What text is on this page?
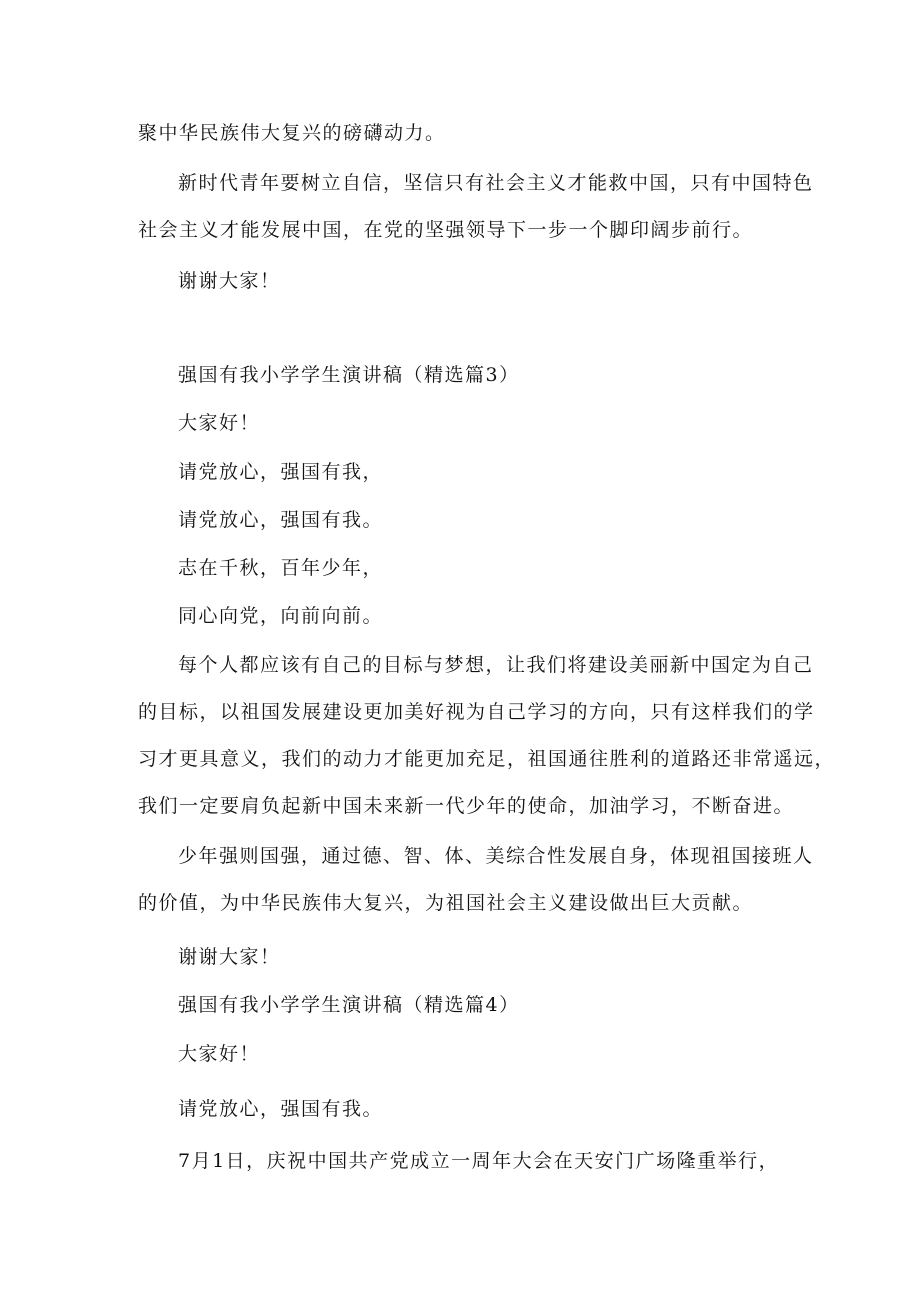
聚中华民族伟大复兴的磅礴动力。
新时代青年要树立自信，坚信只有社会主义才能救中国，只有中国特色
社会主义才能发展中国，在党的坚强领导下一步一个脚印阔步前行。
谢谢大家！
强国有我小学学生演讲稿（精选篇3）
大家好！
请党放心，强国有我，
请党放心，强国有我。
志在千秋，百年少年，
同心向党，向前向前。
每个人都应该有自己的目标与梦想，让我们将建设美丽新中国定为自己
的目标，以祖国发展建设更加美好视为自己学习的方向，只有这样我们的学
习才更具意义，我们的动力才能更加充足，祖国通往胜利的道路还非常遥远，
我们一定要肩负起新中国未来新一代少年的使命，加油学习，不断奋进。
少年强则国强，通过德、智、体、美综合性发展自身，体现祖国接班人
的价值，为中华民族伟大复兴，为祖国社会主义建设做出巨大贡献。
谢谢大家！
强国有我小学学生演讲稿（精选篇4）
大家好！
请党放心，强国有我。
7月1日，庆祝中国共产党成立一周年大会在天安门广场隆重举行，
